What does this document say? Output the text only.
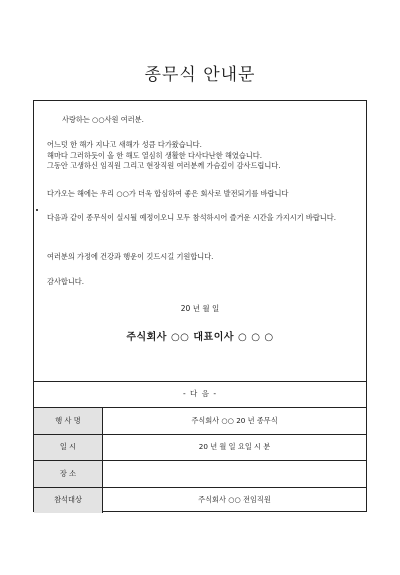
종무식 안내문

사랑하는 ○○사원 여러분.

어느덧 한 해가 지나고 새해가 성큼 다가왔습니다.
해마다 그러하듯이 올 한 해도 열심히 생활한 다사다난한 해였습니다.
그동안 고생하신 임직원 그리고 현장직원 여러분께 가슴깊이 감사드립니다.

다가오는 해에는 우리 ○○가 더욱 합심하여 좋은 회사로 발전되기를 바랍니다

다음과 같이 종무식이 실시될 예정이오니 모두 참석하시어 즐거운 시간을 가지시기 바랍니다.

여러분의 가정에 건강과 행운이 깃드시길 기원합니다.

감사합니다.

20 년 월 일

주식회사 ○○ 대표이사 ○ ○ ○

- 다 음 -
행 사 명	주식회사 ○○ 20 년 종무식
일 시	20 년 월 일 요일 시 분
장 소
참석대상	주식회사 ○○ 전임직원
